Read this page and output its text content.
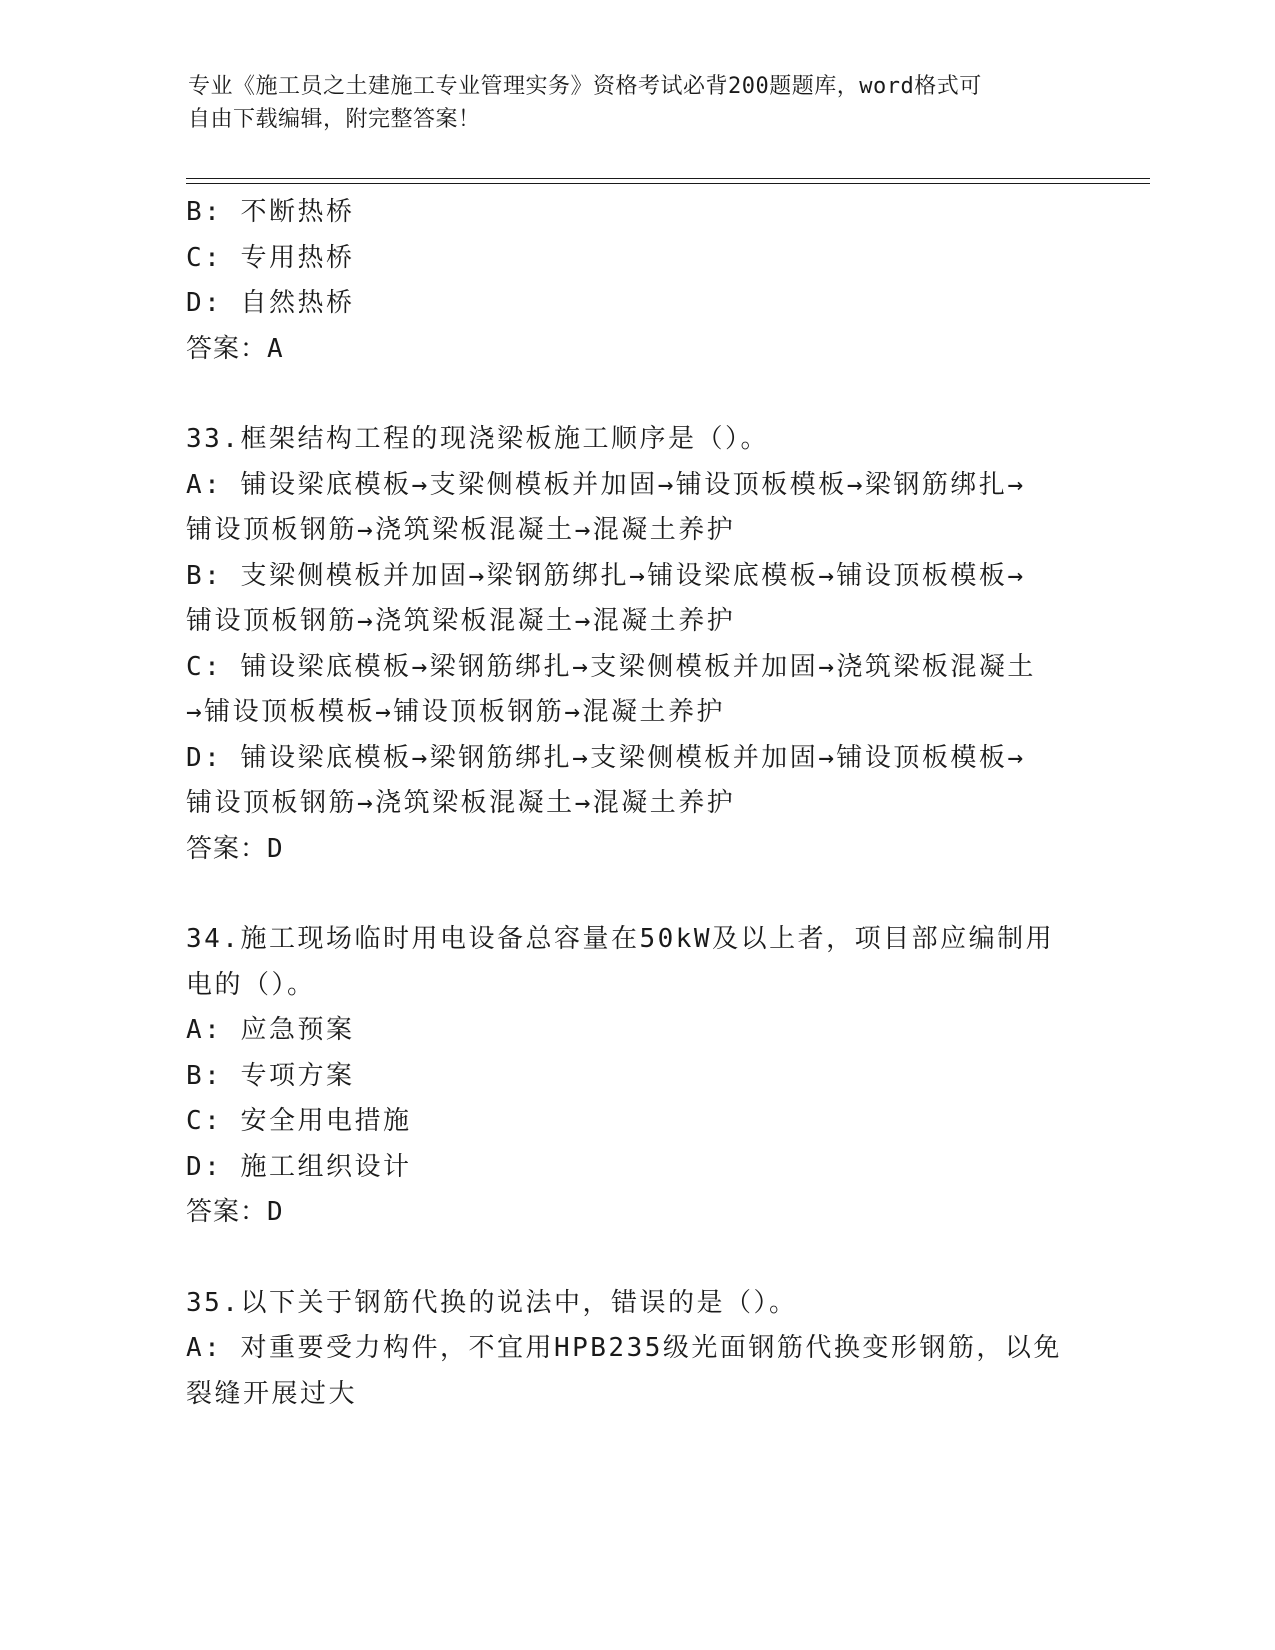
专业《施工员之土建施工专业管理实务》资格考试必背200题题库，word格式可
自由下载编辑，附完整答案！
B: 不断热桥
C: 专用热桥
D: 自然热桥
答案：A
33.框架结构工程的现浇梁板施工顺序是（）。
A: 铺设梁底模板→支梁侧模板并加固→铺设顶板模板→梁钢筋绑扎→
铺设顶板钢筋→浇筑梁板混凝土→混凝土养护
B: 支梁侧模板并加固→梁钢筋绑扎→铺设梁底模板→铺设顶板模板→
铺设顶板钢筋→浇筑梁板混凝土→混凝土养护
C: 铺设梁底模板→梁钢筋绑扎→支梁侧模板并加固→浇筑梁板混凝土
→铺设顶板模板→铺设顶板钢筋→混凝土养护
D: 铺设梁底模板→梁钢筋绑扎→支梁侧模板并加固→铺设顶板模板→
铺设顶板钢筋→浇筑梁板混凝土→混凝土养护
答案：D
34.施工现场临时用电设备总容量在50kW及以上者，项目部应编制用
电的（）。
A: 应急预案
B: 专项方案
C: 安全用电措施
D: 施工组织设计
答案：D
35.以下关于钢筋代换的说法中，错误的是（）。
A: 对重要受力构件，不宜用HPB235级光面钢筋代换变形钢筋，以免
裂缝开展过大
